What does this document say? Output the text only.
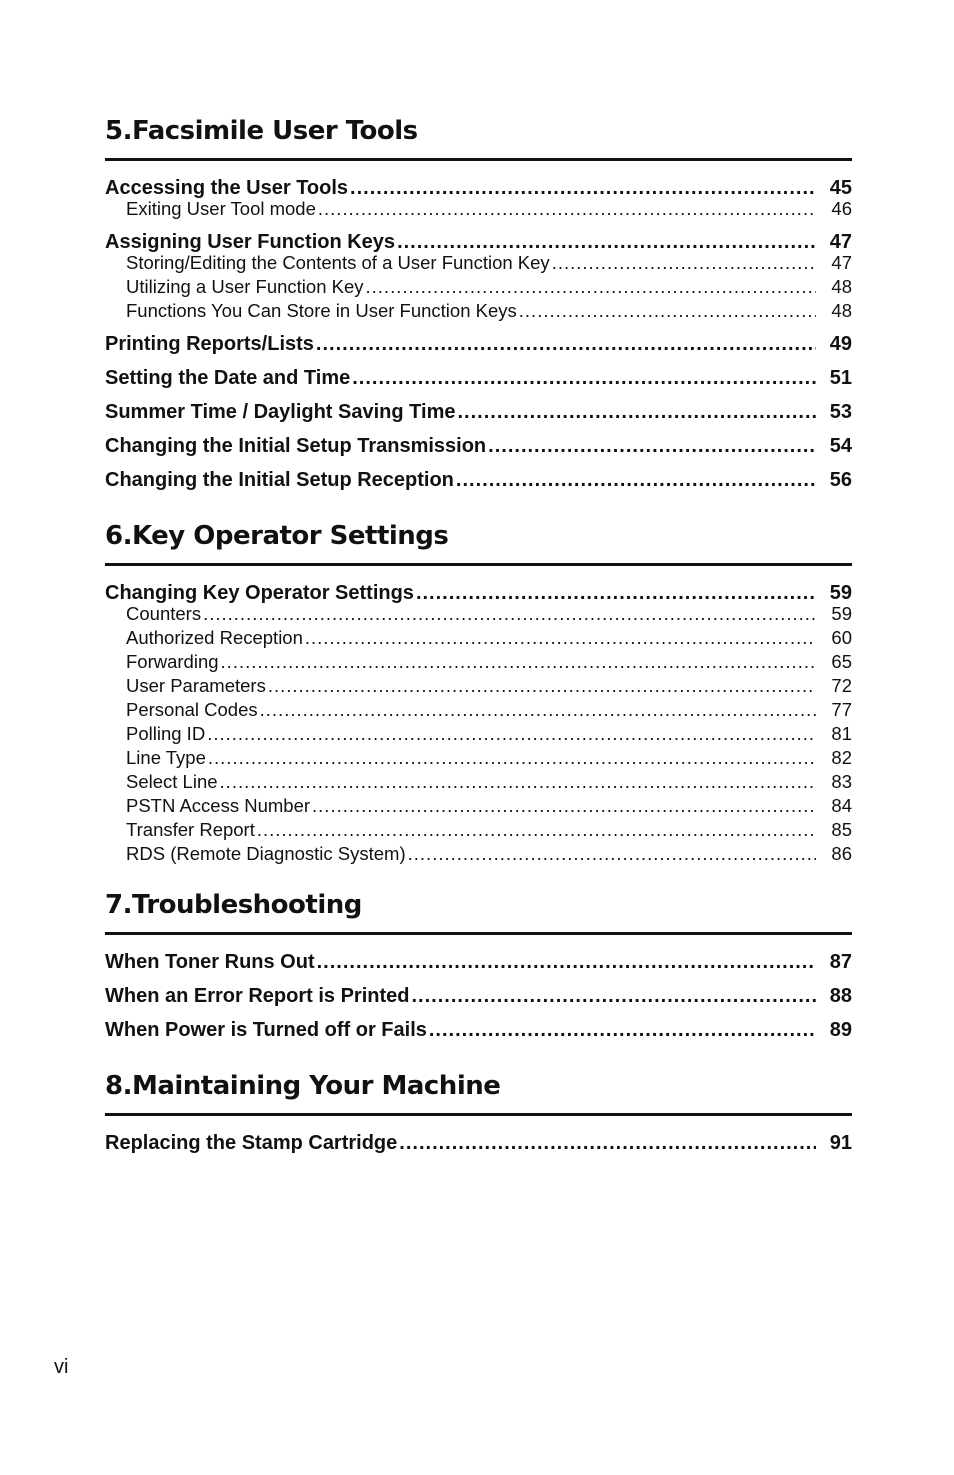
5.Facsimile User Tools
Accessing the User Tools .....	45
Exiting User Tool mode .....	46
Assigning User Function Keys .....	47
Storing/Editing the Contents of a User Function Key .....	47
Utilizing a User Function Key .....	48
Functions You Can Store in User Function Keys .....	48
Printing Reports/Lists .....	49
Setting the Date and Time .....	51
Summer Time / Daylight Saving Time .....	53
Changing the Initial Setup Transmission .....	54
Changing the Initial Setup Reception .....	56
6.Key Operator Settings
Changing Key Operator Settings .....	59
Counters .....	59
Authorized Reception .....	60
Forwarding .....	65
User Parameters .....	72
Personal Codes .....	77
Polling ID .....	81
Line Type .....	82
Select Line .....	83
PSTN Access Number .....	84
Transfer Report .....	85
RDS (Remote Diagnostic System) .....	86
7.Troubleshooting
When Toner Runs Out .....	87
When an Error Report is Printed .....	88
When Power is Turned off or Fails .....	89
8.Maintaining Your Machine
Replacing the Stamp Cartridge .....	91
vi
